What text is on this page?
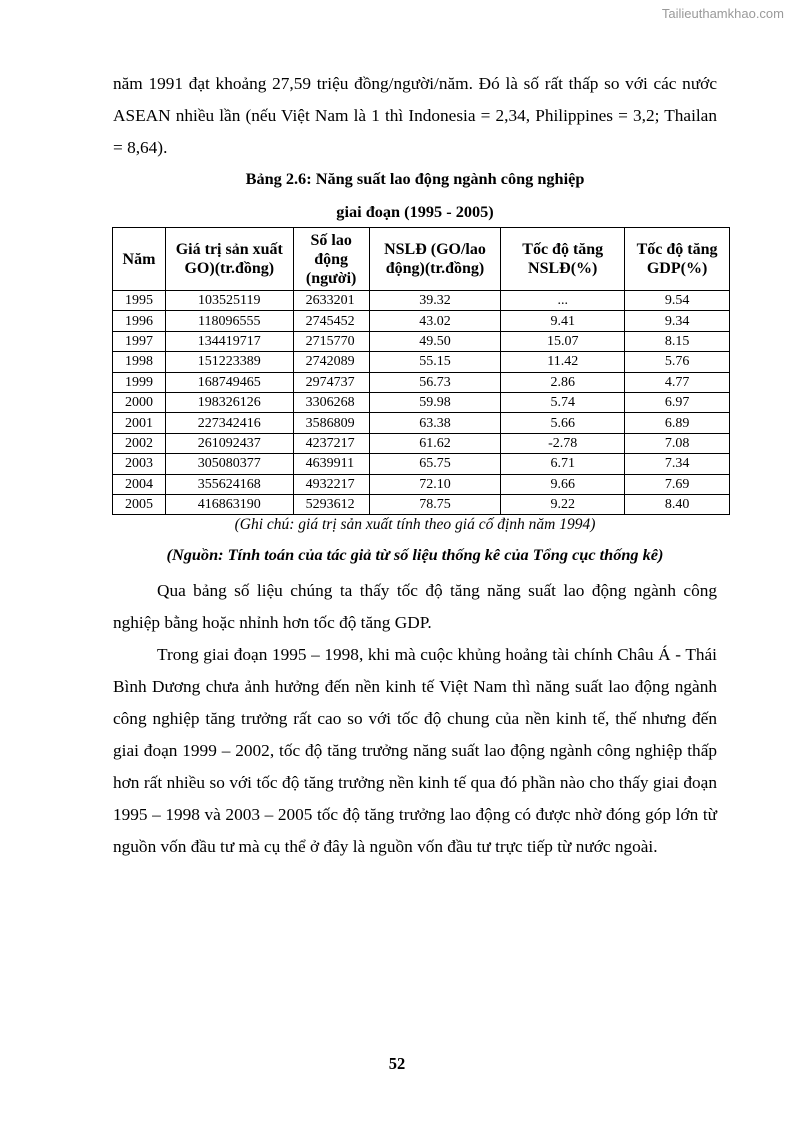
Tailieuthamkhao.com

năm 1991 đạt khoảng 27,59 triệu đồng/người/năm. Đó là số rất thấp so với các nước ASEAN nhiều lần (nếu Việt Nam là 1 thì Indonesia = 2,34, Philippines = 3,2; Thailan = 8,64).

Bảng 2.6: Năng suất lao động ngành công nghiệp

giai đoạn (1995 - 2005)

Năm	Giá trị sản xuất GO)(tr.đồng)	Số lao động (người)	NSLĐ (GO/lao động)(tr.đồng)	Tốc độ tăng NSLĐ(%)	Tốc độ tăng GDP(%)
1995	103525119	2633201	39.32	...	9.54
1996	118096555	2745452	43.02	9.41	9.34
1997	134419717	2715770	49.50	15.07	8.15
1998	151223389	2742089	55.15	11.42	5.76
1999	168749465	2974737	56.73	2.86	4.77
2000	198326126	3306268	59.98	5.74	6.97
2001	227342416	3586809	63.38	5.66	6.89
2002	261092437	4237217	61.62	-2.78	7.08
2003	305080377	4639911	65.75	6.71	7.34
2004	355624168	4932217	72.10	9.66	7.69
2005	416863190	5293612	78.75	9.22	8.40

(Ghi chú: giá trị sản xuất tính theo giá cố định năm 1994)

(Nguồn: Tính toán của tác giả từ số liệu thống kê của Tổng cục thống kê)

Qua bảng số liệu chúng ta thấy tốc độ tăng năng suất lao động ngành công nghiệp bằng hoặc nhỉnh hơn tốc độ tăng GDP.

Trong giai đoạn 1995 – 1998, khi mà cuộc khủng hoảng tài chính Châu Á - Thái Bình Dương chưa ảnh hưởng đến nền kinh tế Việt Nam thì năng suất lao động ngành công nghiệp tăng trưởng rất cao so với tốc độ chung của nền kinh tế, thế nhưng đến giai đoạn 1999 – 2002, tốc độ tăng trưởng năng suất lao động ngành công nghiệp thấp hơn rất nhiều so với tốc độ tăng trưởng nền kinh tế qua đó phần nào cho thấy giai đoạn 1995 – 1998 và 2003 – 2005 tốc độ tăng trưởng lao động có được nhờ đóng góp lớn từ nguồn vốn đầu tư mà cụ thể ở đây là nguồn vốn đầu tư trực tiếp từ nước ngoài.

52
